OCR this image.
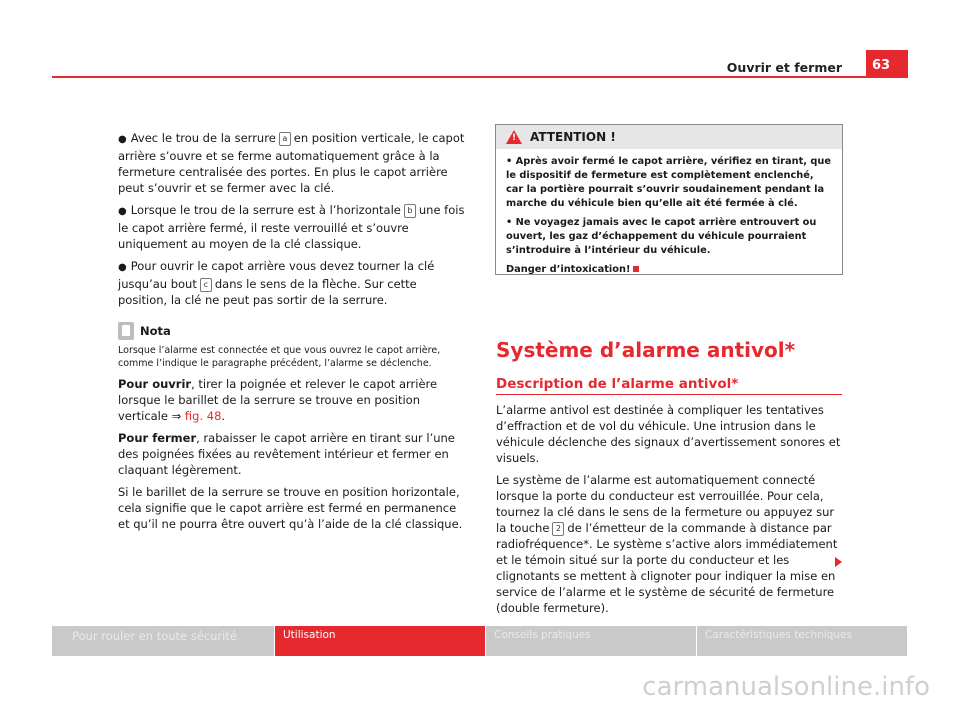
Ouvrir et fermer	63

● Avec le trou de la serrure a en position verticale, le capot arrière s’ouvre et se ferme automatiquement grâce à la fermeture centralisée des portes. En plus le capot arrière peut s’ouvrir et se fermer avec la clé.

● Lorsque le trou de la serrure est à l’horizontale b une fois le capot arrière fermé, il reste verrouillé et s’ouvre uniquement au moyen de la clé classique.

● Pour ouvrir le capot arrière vous devez tourner la clé jusqu’au bout c dans le sens de la flèche. Sur cette position, la clé ne peut pas sortir de la serrure.

Nota

Lorsque l’alarme est connectée et que vous ouvrez le capot arrière, comme l’indique le paragraphe précédent, l’alarme se déclenche.

Pour ouvrir, tirer la poignée et relever le capot arrière lorsque le barillet de la serrure se trouve en position verticale ⇒ fig. 48.

Pour fermer, rabaisser le capot arrière en tirant sur l’une des poignées fixées au revêtement intérieur et fermer en claquant légèrement.

Si le barillet de la serrure se trouve en position horizontale, cela signifie que le capot arrière est fermé en permanence et qu’il ne pourra être ouvert qu’à l’aide de la clé classique.

!
ATTENTION !

• Après avoir fermé le capot arrière, vérifiez en tirant, que le dispositif de fermeture est complètement enclenché, car la portière pourrait s’ouvrir soudainement pendant la marche du véhicule bien qu’elle ait été fermée à clé.

• Ne voyagez jamais avec le capot arrière entrouvert ou ouvert, les gaz d’échappement du véhicule pourraient s’introduire à l’intérieur du véhicule.

Danger d’intoxication!

Système d’alarme antivol*
Description de l’alarme antivol*

L’alarme antivol est destinée à compliquer les tentatives d’effraction et de vol du véhicule. Une intrusion dans le véhicule déclenche des signaux d’avertissement sonores et visuels.

Le système de l’alarme est automatiquement connecté lorsque la porte du conducteur est verrouillée. Pour cela, tournez la clé dans le sens de la fermeture ou appuyez sur la touche 2 de l’émetteur de la commande à distance par radiofréquence*. Le système s’active alors immédiatement et le témoin situé sur la porte du conducteur et les clignotants se mettent à clignoter pour indiquer la mise en service de l’alarme et le système de sécurité de fermeture (double fermeture).

Pour rouler en toute sécurité	Utilisation	Conseils pratiques	Caractéristiques techniques
carmanualsonline.info
